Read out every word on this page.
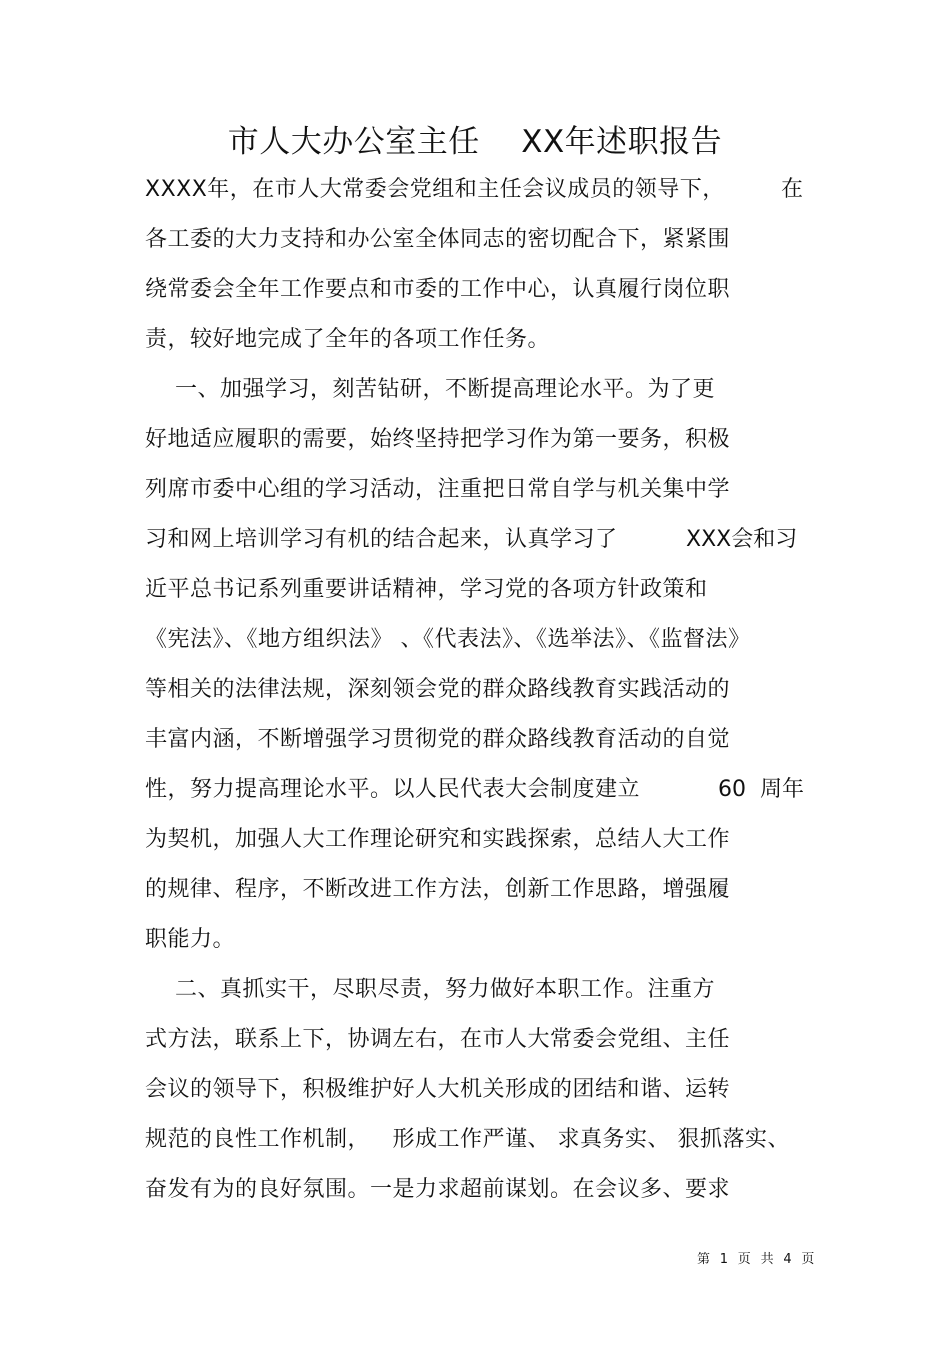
市人大办公室主任    XX年述职报告
XXXX年，在市人大常委会党组和主任会议成员的领导下，	在
各工委的大力支持和办公室全体同志的密切配合下，紧紧围
绕常委会全年工作要点和市委的工作中心，认真履行岗位职
责，较好地完成了全年的各项工作任务。
一、加强学习，刻苦钻研，不断提高理论水平。为了更
好地适应履职的需要，始终坚持把学习作为第一要务，积极
列席市委中心组的学习活动，注重把日常自学与机关集中学
习和网上培训学习有机的结合起来，认真学习了	XXX会和习
近平总书记系列重要讲话精神，学习党的各项方针政策和
《宪法》、《地方组织法》 、《代表法》、《选举法》、《监督法》
等相关的法律法规，深刻领会党的群众路线教育实践活动的
丰富内涵，不断增强学习贯彻党的群众路线教育活动的自觉
性，努力提高理论水平。以人民代表大会制度建立	60  周年
为契机，加强人大工作理论研究和实践探索，总结人大工作
的规律、程序，不断改进工作方法，创新工作思路，增强履
职能力。
二、真抓实干，尽职尽责，努力做好本职工作。注重方
式方法，联系上下，协调左右，在市人大常委会党组、主任
会议的领导下，积极维护好人大机关形成的团结和谐、运转
规范的良性工作机制，   形成工作严谨、 求真务实、 狠抓落实、
奋发有为的良好氛围。一是力求超前谋划。在会议多、要求
第  1  页  共  4  页
